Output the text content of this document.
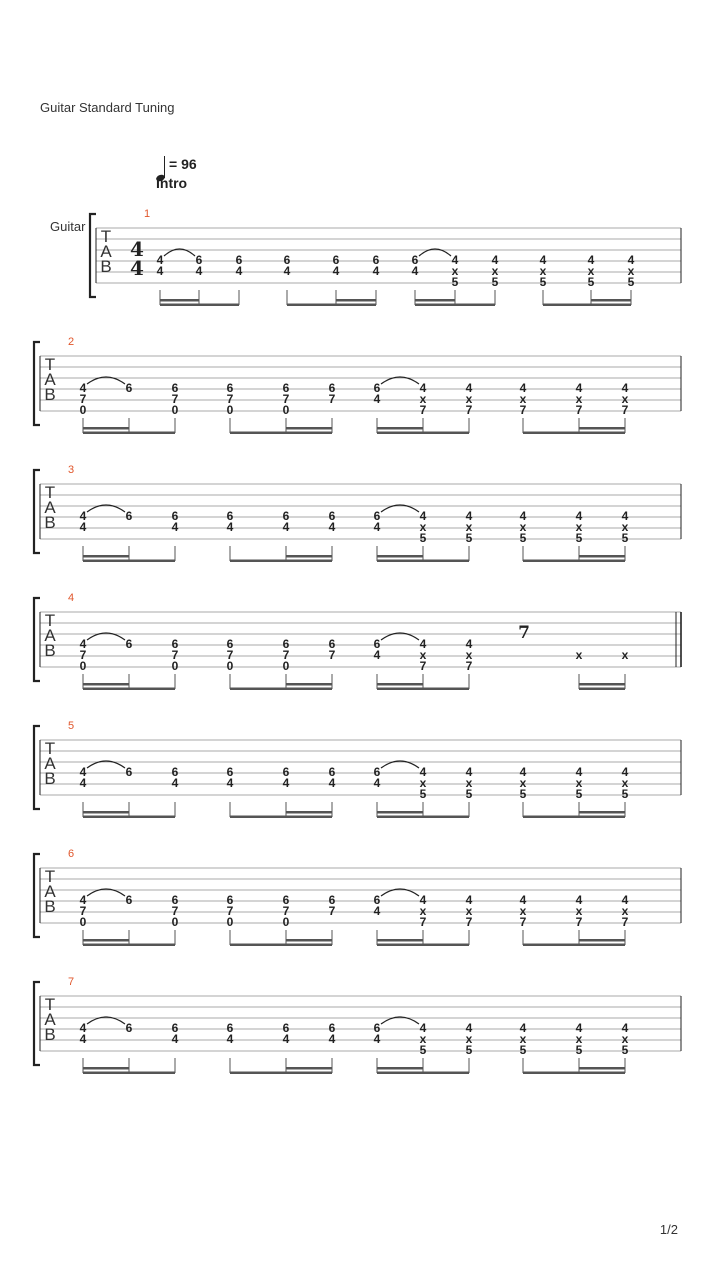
Guitar Standard Tuning
= 96
Intro
Guitar
T
A
B
4
4
1
4
4
6
4
6
4
6
4
6
4
6
4
6
4
4
x
5
4
x
5
4
x
5
4
x
5
4
x
5
T
A
B
2
4
7
0
6	6
7
0
6
7
0
6
7
0
6
7
6
4
4
x
7
4
x
7
4
x
7
4
x
7
4
x
7
T
A
B
3
4
4
6	6
4
6
4
6
4
6
4
6
4
4
x
5
4
x
5
4
x
5
4
x
5
4
x
5
T
A
B
4
4
7
0
6	6
7
0
6
7
0
6
7
0
6
7
6
4
4
x
7
4
x
7
x	x
7
T
A
B
5
4
4
6	6
4
6
4
6
4
6
4
6
4
4
x
5
4
x
5
4
x
5
4
x
5
4
x
5
T
A
B
6
4
7
0
6	6
7
0
6
7
0
6
7
0
6
7
6
4
4
x
7
4
x
7
4
x
7
4
x
7
4
x
7
T
A
B
7
4
4
6	6
4
6
4
6
4
6
4
6
4
4
x
5
4
x
5
4
x
5
4
x
5
4
x
5
1/2
